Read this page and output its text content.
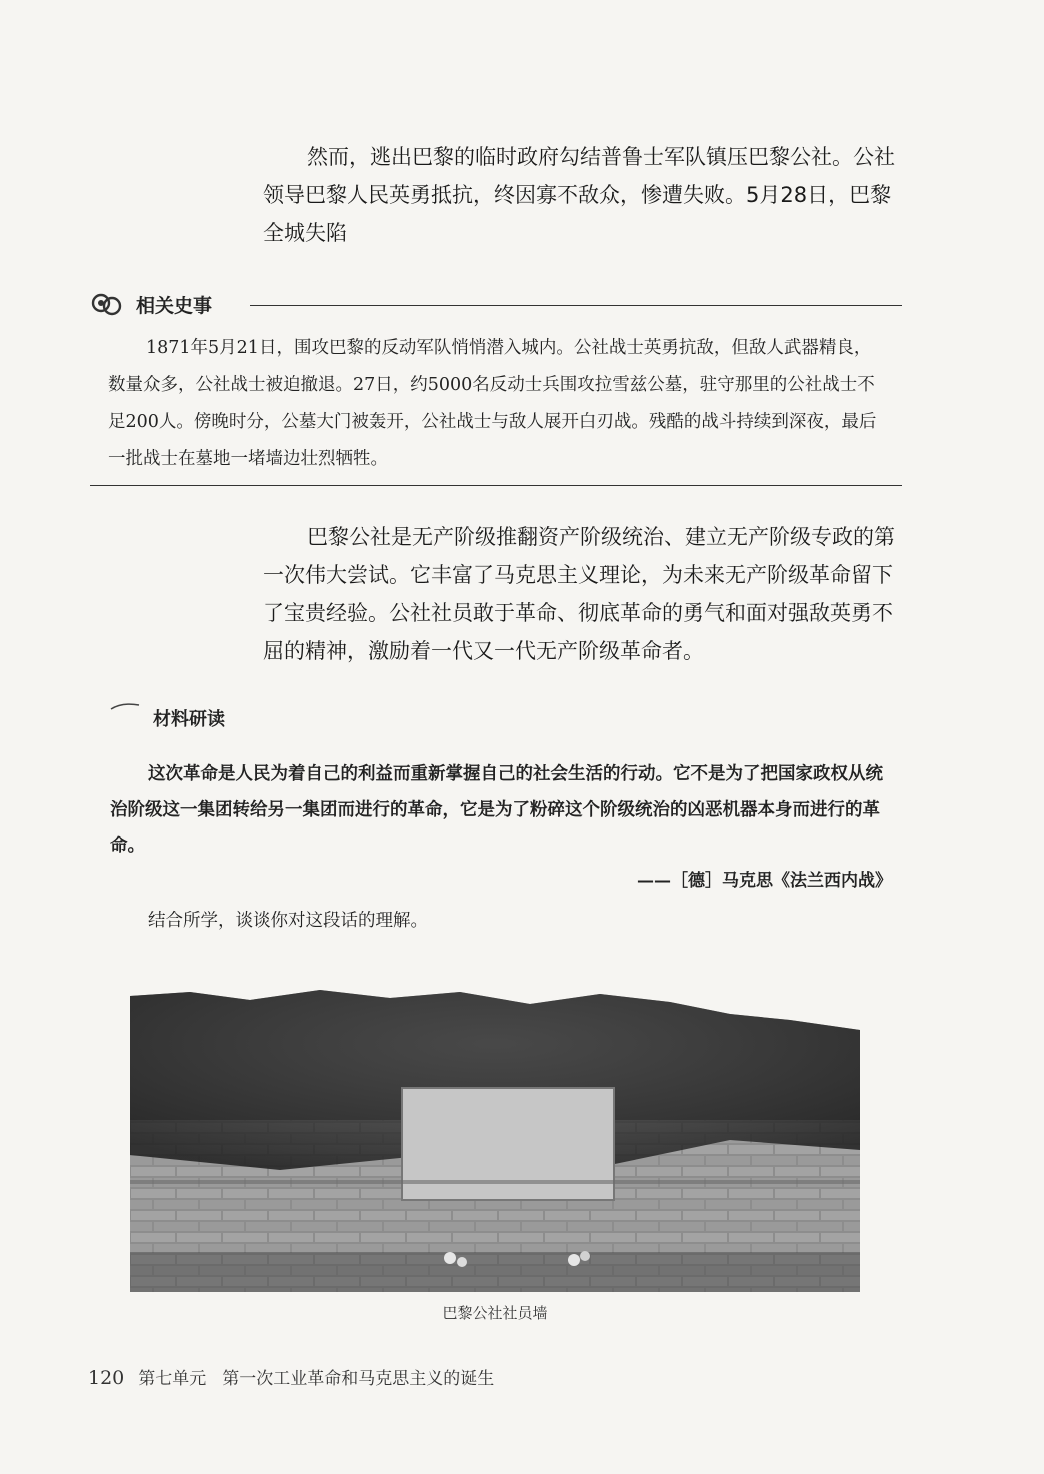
然而，逃出巴黎的临时政府勾结普鲁士军队镇压巴黎公社。公社领导巴黎人民英勇抵抗，终因寡不敌众，惨遭失败。5月28日，巴黎全城失陷

相关史事

1871年5月21日，围攻巴黎的反动军队悄悄潜入城内。公社战士英勇抗敌，但敌人武器精良，数量众多，公社战士被迫撤退。27日，约5000名反动士兵围攻拉雪兹公墓，驻守那里的公社战士不足200人。傍晚时分，公墓大门被轰开，公社战士与敌人展开白刃战。残酷的战斗持续到深夜，最后一批战士在墓地一堵墙边壮烈牺牲。

巴黎公社是无产阶级推翻资产阶级统治、建立无产阶级专政的第一次伟大尝试。它丰富了马克思主义理论，为未来无产阶级革命留下了宝贵经验。公社社员敢于革命、彻底革命的勇气和面对强敌英勇不屈的精神，激励着一代又一代无产阶级革命者。

材料研读

这次革命是人民为着自己的利益而重新掌握自己的社会生活的行动。它不是为了把国家政权从统治阶级这一集团转给另一集团而进行的革命，它是为了粉碎这个阶级统治的凶恶机器本身而进行的革命。

——［德］马克思《法兰西内战》
结合所学，谈谈你对这段话的理解。
巴黎公社社员墙
120 第七单元 第一次工业革命和马克思主义的诞生
